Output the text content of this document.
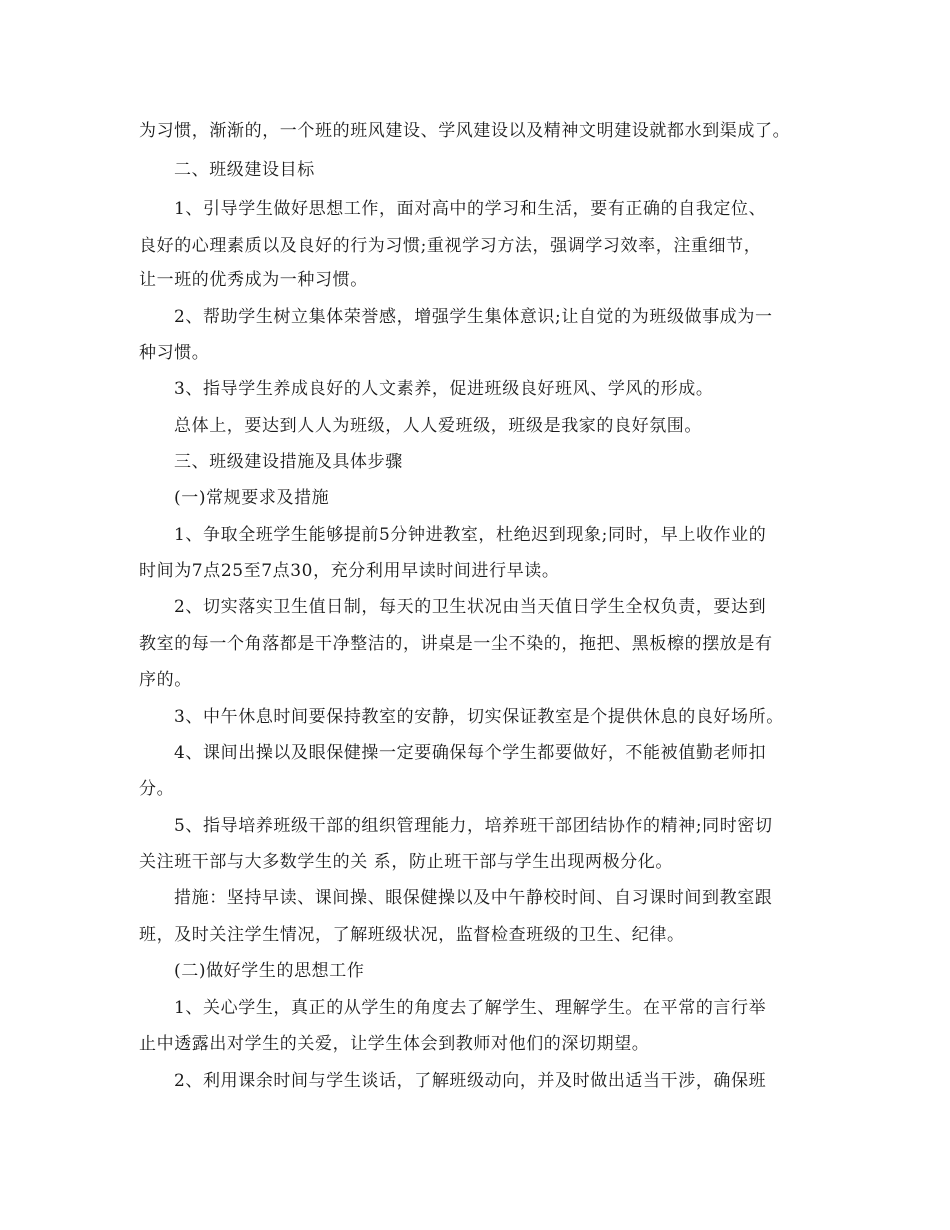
为习惯，渐渐的，一个班的班风建设、学风建设以及精神文明建设就都水到渠成了。

二、班级建设目标

1、引导学生做好思想工作，面对高中的学习和生活，要有正确的自我定位、

良好的心理素质以及良好的行为习惯;重视学习方法，强调学习效率，注重细节，

让一班的优秀成为一种习惯。

2、帮助学生树立集体荣誉感，增强学生集体意识;让自觉的为班级做事成为一

种习惯。

3、指导学生养成良好的人文素养，促进班级良好班风、学风的形成。

总体上，要达到人人为班级，人人爱班级，班级是我家的良好氛围。

三、班级建设措施及具体步骤

(一)常规要求及措施

1、争取全班学生能够提前5分钟进教室，杜绝迟到现象;同时，早上收作业的

时间为7点25至7点30，充分利用早读时间进行早读。

2、切实落实卫生值日制，每天的卫生状况由当天值日学生全权负责，要达到

教室的每一个角落都是干净整洁的，讲桌是一尘不染的，拖把、黑板檫的摆放是有

序的。

3、中午休息时间要保持教室的安静，切实保证教室是个提供休息的良好场所。

4、课间出操以及眼保健操一定要确保每个学生都要做好，不能被值勤老师扣

分。

5、指导培养班级干部的组织管理能力，培养班干部团结协作的精神;同时密切

关注班干部与大多数学生的关 系，防止班干部与学生出现两极分化。

措施：坚持早读、课间操、眼保健操以及中午静校时间、自习课时间到教室跟

班，及时关注学生情况，了解班级状况，监督检查班级的卫生、纪律。

(二)做好学生的思想工作

1、关心学生，真正的从学生的角度去了解学生、理解学生。在平常的言行举

止中透露出对学生的关爱，让学生体会到教师对他们的深切期望。

2、利用课余时间与学生谈话，了解班级动向，并及时做出适当干涉，确保班
